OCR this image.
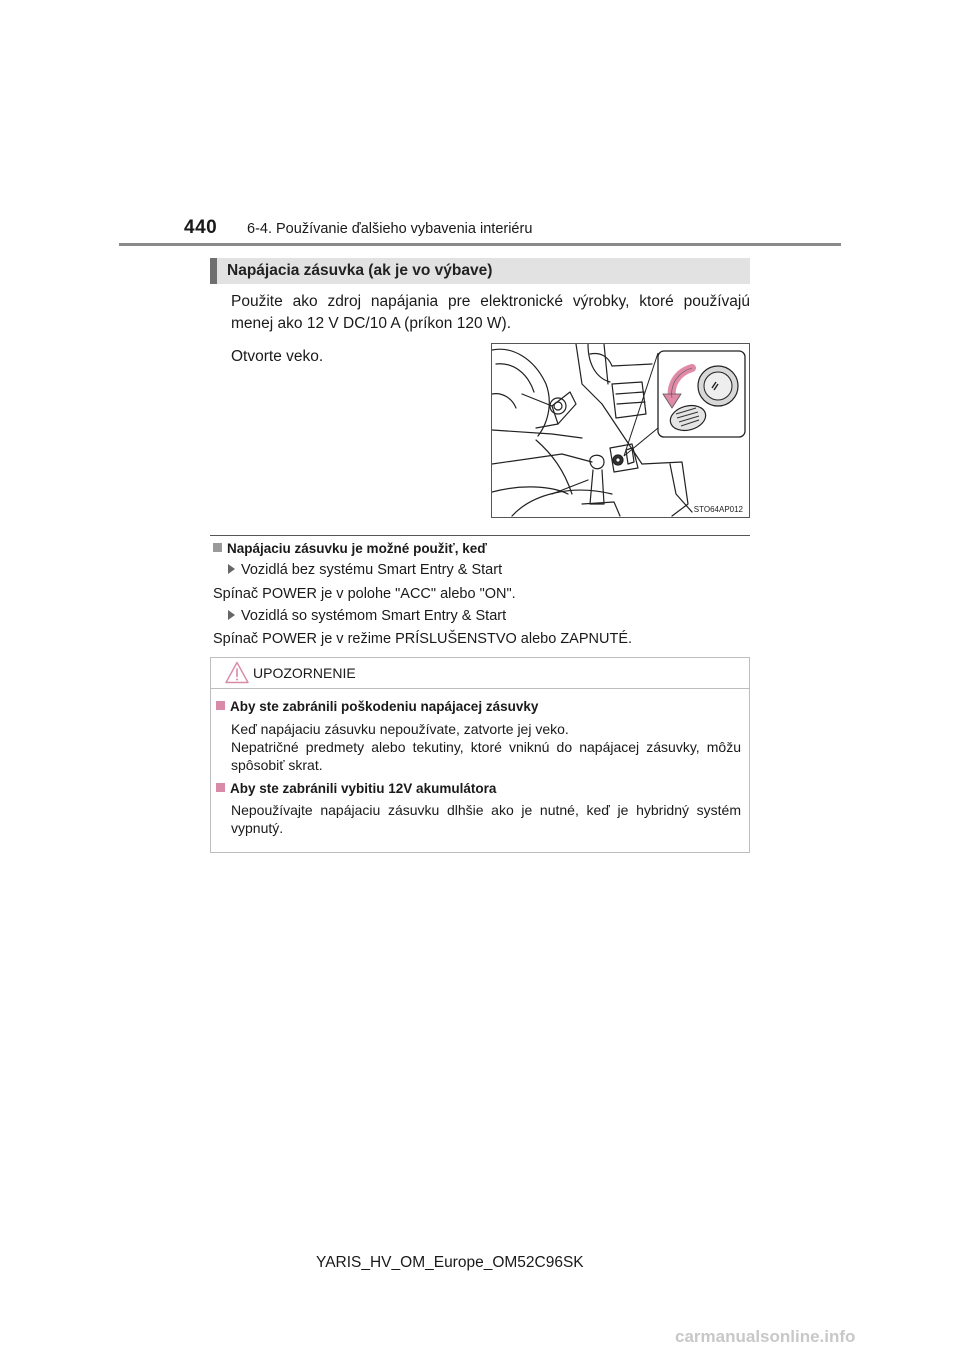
440 6-4. Používanie ďalšieho vybavenia interiéru
Napájacia zásuvka (ak je vo výbave)
Použite ako zdroj napájania pre elektronické výrobky, ktoré používajú menej ako 12 V DC/10 A (príkon 120 W).
Otvorte veko.
STO64AP012
Napájaciu zásuvku je možné použiť, keď
Vozidlá bez systému Smart Entry & Start
Spínač POWER je v polohe "ACC" alebo "ON".
Vozidlá so systémom Smart Entry & Start
Spínač POWER je v režime PRÍSLUŠENSTVO alebo ZAPNUTÉ.
UPOZORNENIE
Aby ste zabránili poškodeniu napájacej zásuvky
Keď napájaciu zásuvku nepoužívate, zatvorte jej veko.
Nepatričné predmety alebo tekutiny, ktoré vniknú do napájacej zásuvky, môžu spôsobiť skrat.
Aby ste zabránili vybitiu 12V akumulátora
Nepoužívajte napájaciu zásuvku dlhšie ako je nutné, keď je hybridný systém vypnutý.
YARIS_HV_OM_Europe_OM52C96SK
carmanualsonline.info
